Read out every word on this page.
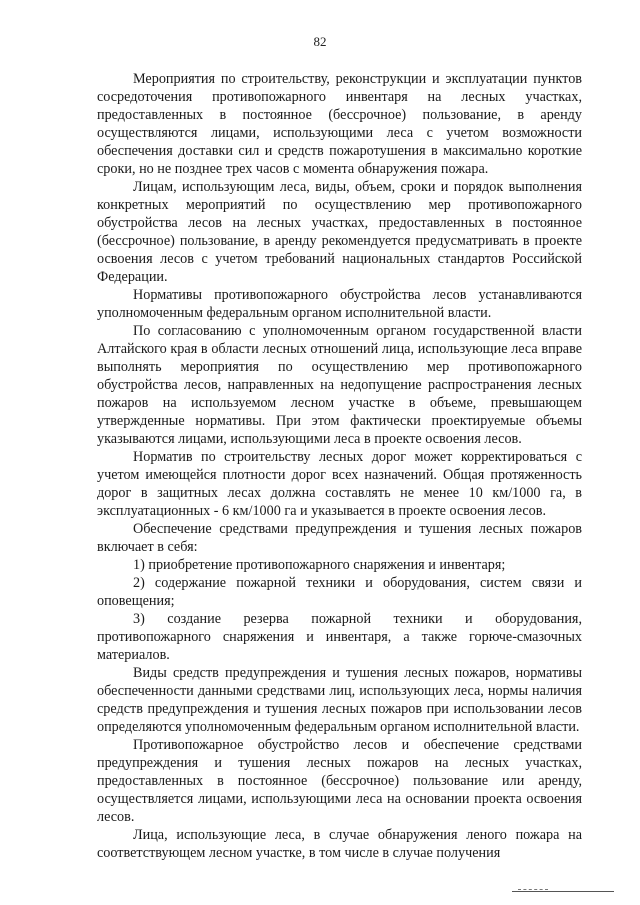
82

Мероприятия по строительству, реконструкции и эксплуатации пунктов сосредоточения противопожарного инвентаря на лесных участках, предоставленных в постоянное (бессрочное) пользование, в аренду осуществляются лицами, использующими леса с учетом возможности обеспечения доставки сил и средств пожаротушения в максимально короткие сроки, но не позднее трех часов с момента обнаружения пожара.

Лицам, использующим леса, виды, объем, сроки и порядок выполнения конкретных мероприятий по осуществлению мер противопожарного обустройства лесов на лесных участках, предоставленных в постоянное (бессрочное) пользование, в аренду рекомендуется предусматривать в проекте освоения лесов с учетом требований национальных стандартов Российской Федерации.

Нормативы противопожарного обустройства лесов устанавливаются уполномоченным федеральным органом исполнительной власти.

По согласованию с уполномоченным органом государственной власти Алтайского края в области лесных отношений лица, использующие леса вправе выполнять мероприятия по осуществлению мер противопожарного обустройства лесов, направленных на недопущение распространения лесных пожаров на используемом лесном участке в объеме, превышающем утвержденные нормативы. При этом фактически проектируемые объемы указываются лицами, использующими леса в проекте освоения лесов.

Норматив по строительству лесных дорог может корректироваться с учетом имеющейся плотности дорог всех назначений. Общая протяженность дорог в защитных лесах должна составлять не менее 10 км/1000 га, в эксплуатационных - 6 км/1000 га и указывается в проекте освоения лесов.

Обеспечение средствами предупреждения и тушения лесных пожаров включает в себя:

1) приобретение противопожарного снаряжения и инвентаря;

2) содержание пожарной техники и оборудования, систем связи и оповещения;

3) создание резерва пожарной техники и оборудования, противопожарного снаряжения и инвентаря, а также горюче-смазочных материалов.

Виды средств предупреждения и тушения лесных пожаров, нормативы обеспеченности данными средствами лиц, использующих леса, нормы наличия средств предупреждения и тушения лесных пожаров при использовании лесов определяются уполномоченным федеральным органом исполнительной власти.

Противопожарное обустройство лесов и обеспечение средствами предупреждения и тушения лесных пожаров на лесных участках, предоставленных в постоянное (бессрочное) пользование или аренду, осуществляется лицами, использующими леса на основании проекта освоения лесов.

Лица, использующие леса, в случае обнаружения леного пожара на соответствующем лесном участке, в том числе в случае получения
